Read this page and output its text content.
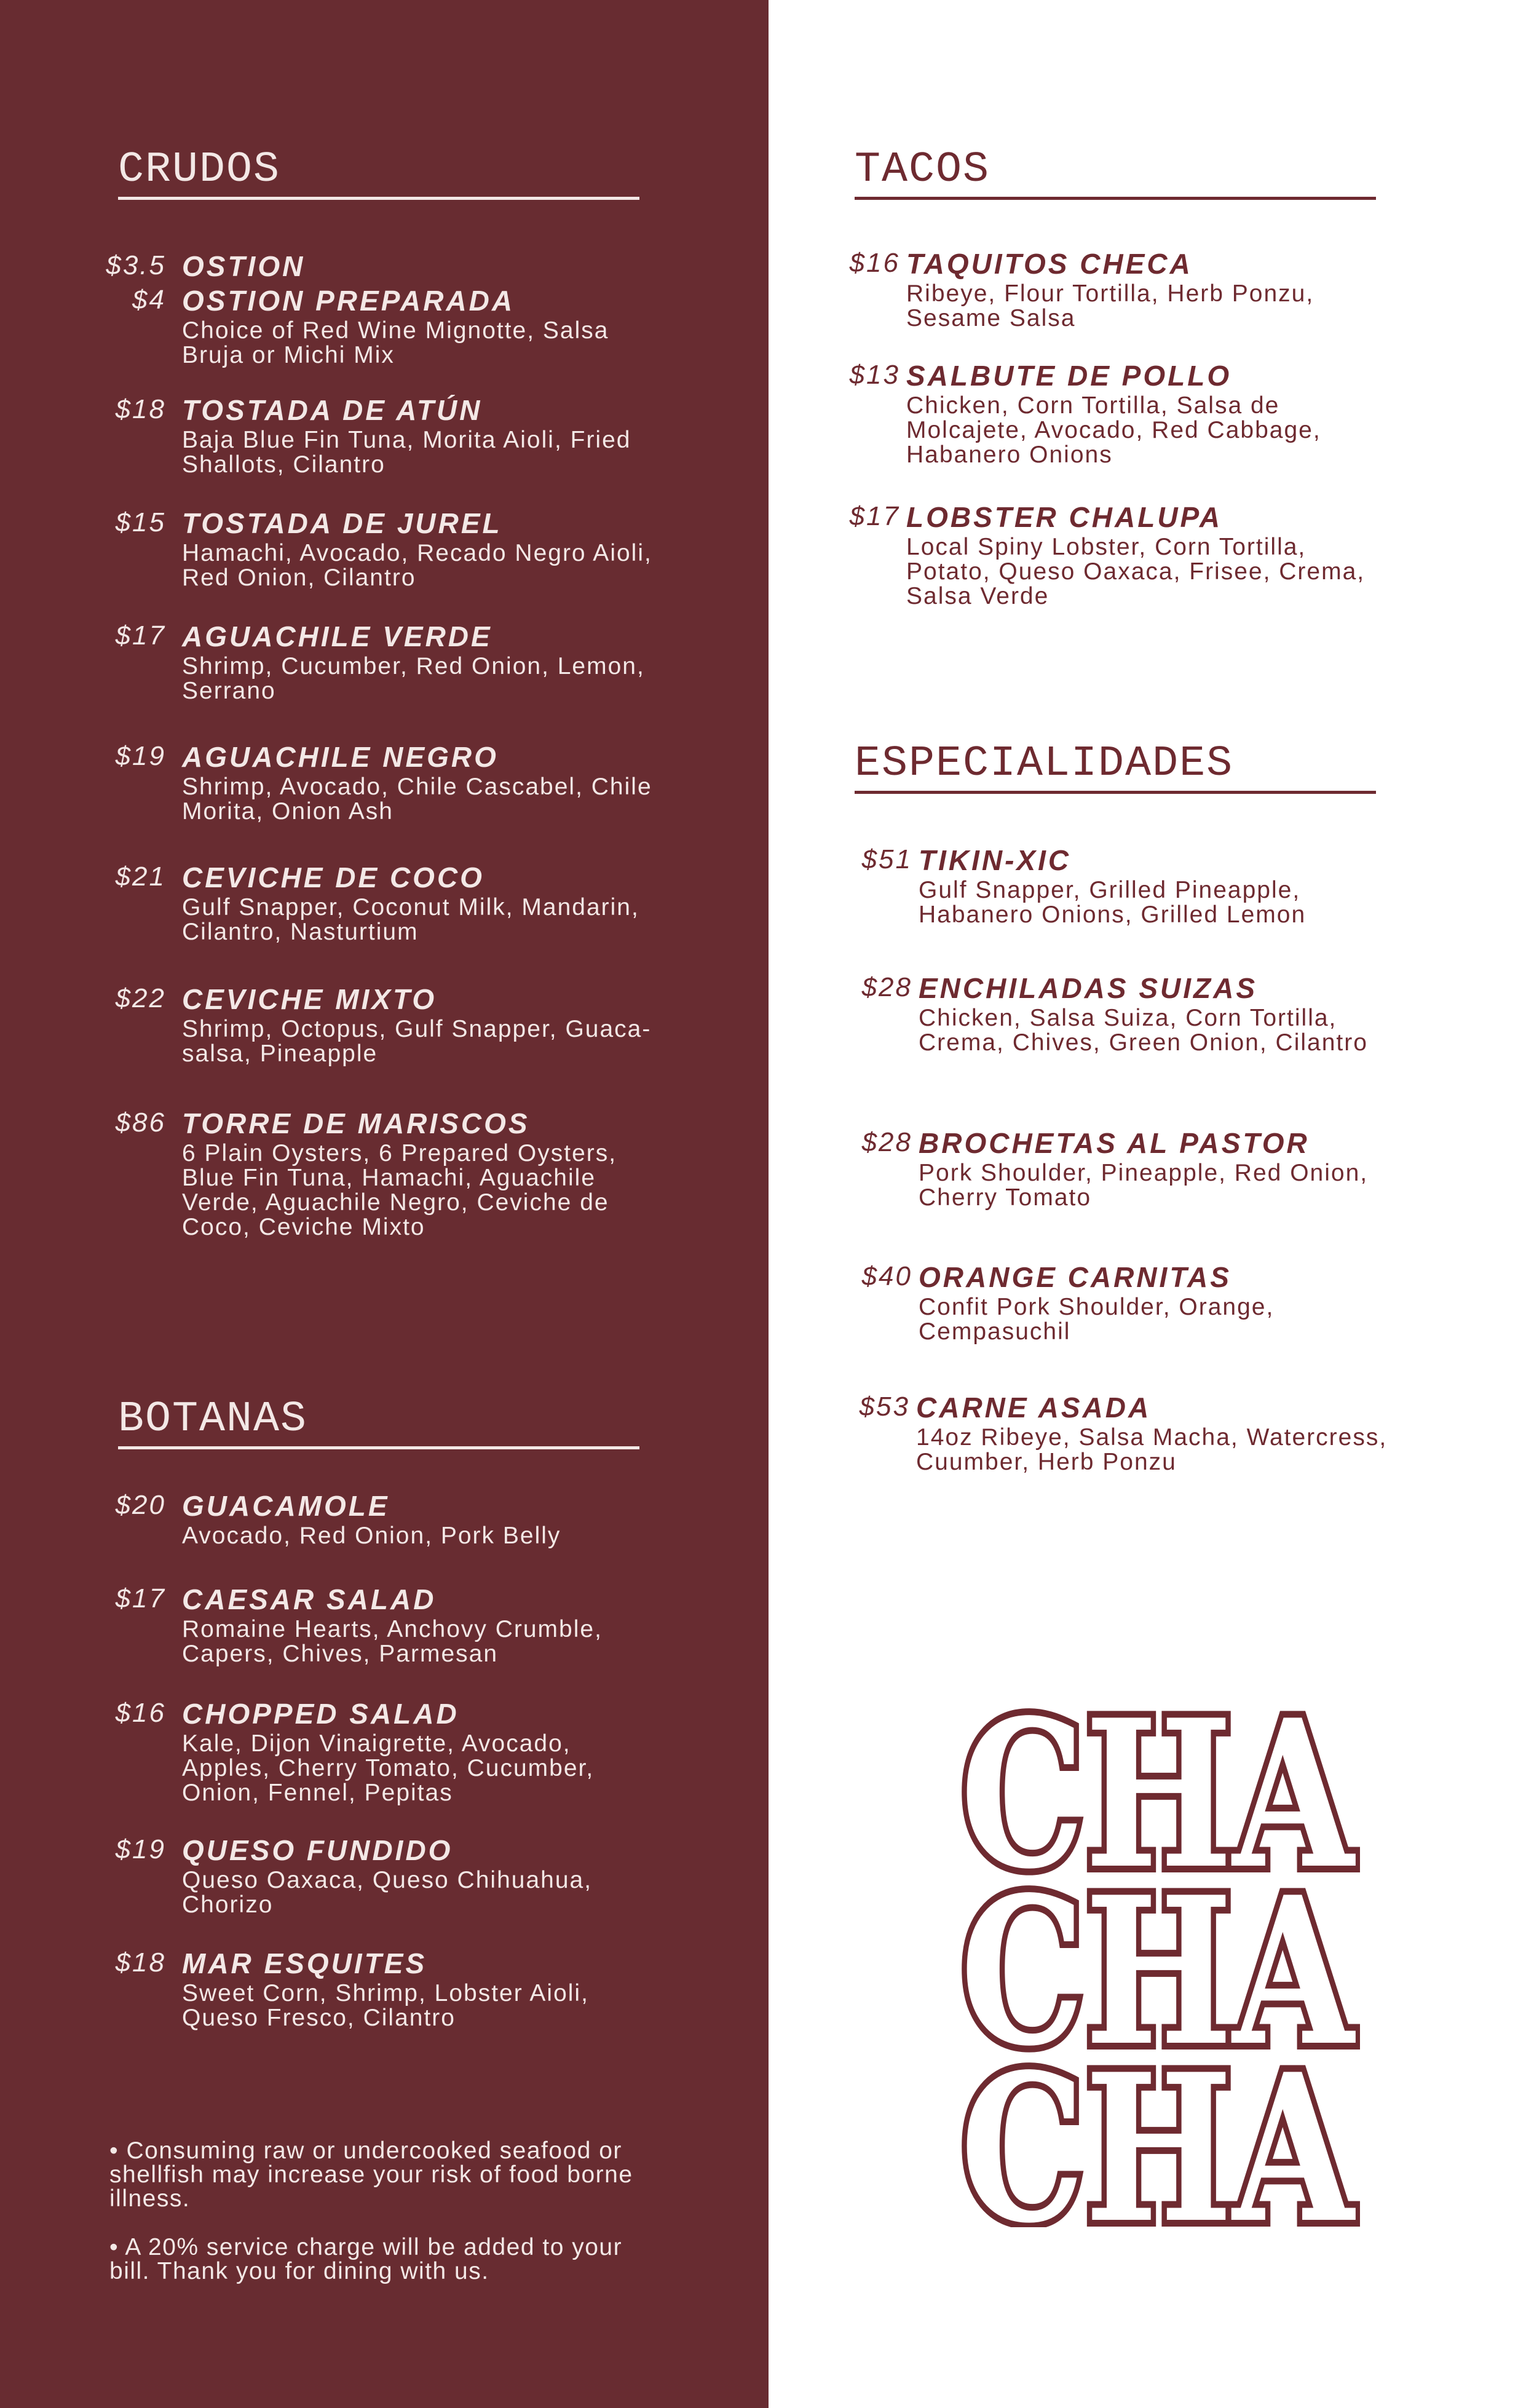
CRUDOS
$3.5 OSTION
$4 OSTION PREPARADA
Choice of Red Wine Mignotte, Salsa Bruja or Michi Mix
$18 TOSTADA DE ATÚN
Baja Blue Fin Tuna, Morita Aioli, Fried Shallots, Cilantro
$15 TOSTADA DE JUREL
Hamachi, Avocado, Recado Negro Aioli, Red Onion, Cilantro
$17 AGUACHILE VERDE
Shrimp, Cucumber, Red Onion, Lemon, Serrano
$19 AGUACHILE NEGRO
Shrimp, Avocado, Chile Cascabel, Chile Morita, Onion Ash
$21 CEVICHE DE COCO
Gulf Snapper, Coconut Milk, Mandarin, Cilantro, Nasturtium
$22 CEVICHE MIXTO
Shrimp, Octopus, Gulf Snapper, Guaca-salsa, Pineapple
$86 TORRE DE MARISCOS
6 Plain Oysters, 6 Prepared Oysters, Blue Fin Tuna, Hamachi, Aguachile Verde, Aguachile Negro, Ceviche de Coco, Ceviche Mixto
BOTANAS
$20 GUACAMOLE
Avocado, Red Onion, Pork Belly
$17 CAESAR SALAD
Romaine Hearts, Anchovy Crumble, Capers, Chives, Parmesan
$16 CHOPPED SALAD
Kale, Dijon Vinaigrette, Avocado, Apples, Cherry Tomato, Cucumber, Onion, Fennel, Pepitas
$19 QUESO FUNDIDO
Queso Oaxaca, Queso Chihuahua, Chorizo
$18 MAR ESQUITES
Sweet Corn, Shrimp, Lobster Aioli, Queso Fresco, Cilantro

• Consuming raw or undercooked seafood or shellfish may increase your risk of food borne illness.

• A 20% service charge will be added to your bill. Thank you for dining with us.

TACOS
$16 TAQUITOS CHECA
Ribeye, Flour Tortilla, Herb Ponzu, Sesame Salsa
$13 SALBUTE DE POLLO
Chicken, Corn Tortilla, Salsa de Molcajete, Avocado, Red Cabbage, Habanero Onions
$17 LOBSTER CHALUPA
Local Spiny Lobster, Corn Tortilla, Potato, Queso Oaxaca, Frisee, Crema, Salsa Verde
ESPECIALIDADES
$51 TIKIN-XIC
Gulf Snapper, Grilled Pineapple, Habanero Onions, Grilled Lemon
$28 ENCHILADAS SUIZAS
Chicken, Salsa Suiza, Corn Tortilla, Crema, Chives, Green Onion, Cilantro
$28 BROCHETAS AL PASTOR
Pork Shoulder, Pineapple, Red Onion, Cherry Tomato
$40 ORANGE CARNITAS
Confit Pork Shoulder, Orange, Cempasuchil
$53 CARNE ASADA
14oz Ribeye, Salsa Macha, Watercress, Cuumber, Herb Ponzu
CHA
CHA
CHA
CHA
CHA
CHA
